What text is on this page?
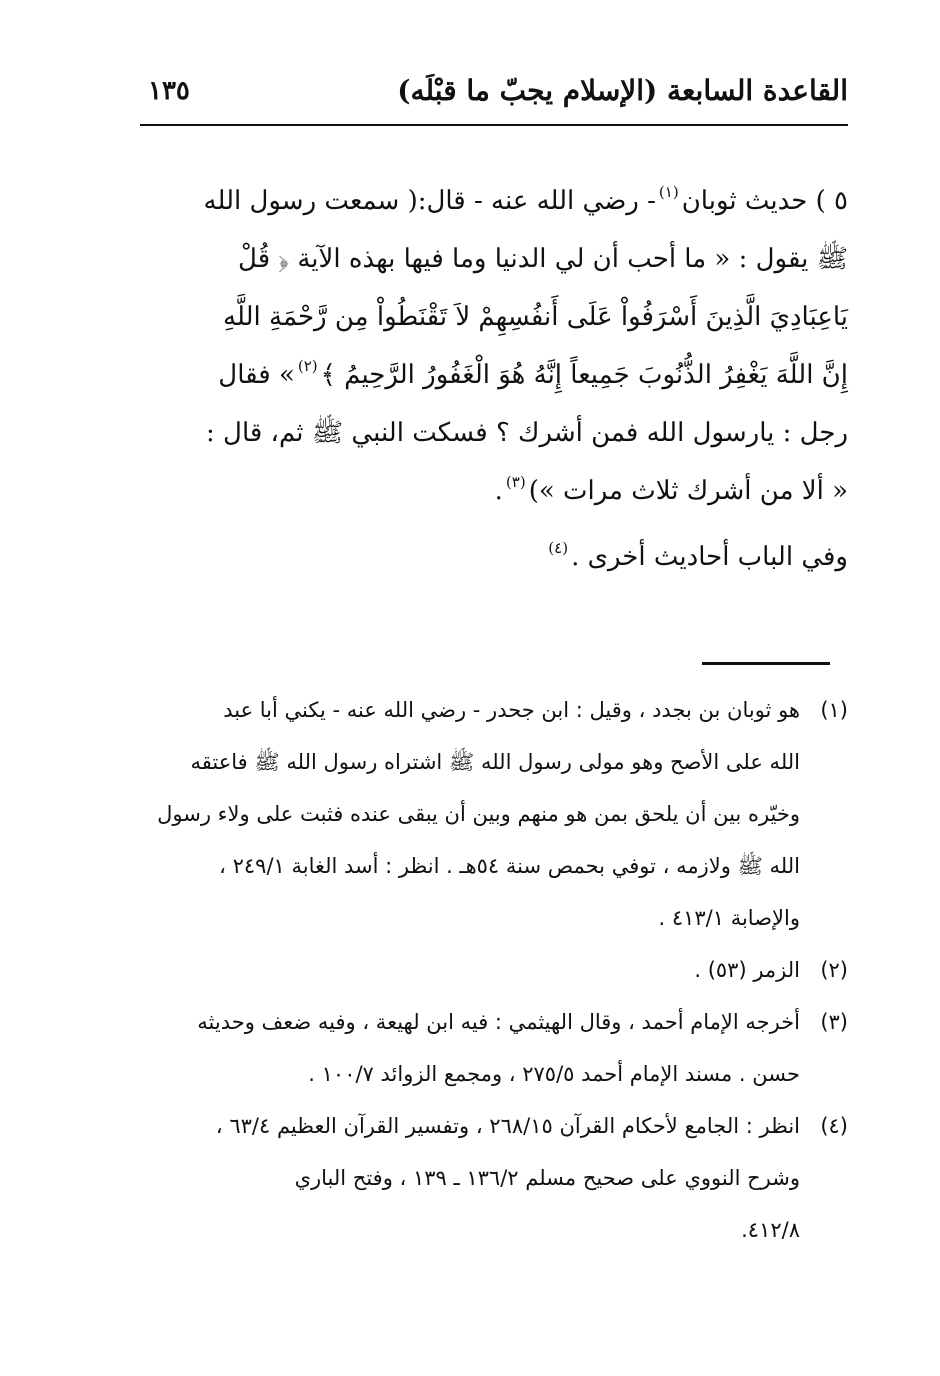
القاعدة السابعة (الإسلام يجبّ ما قبْلَه)
١٣٥
٥ ) حديث ثوبان$^{(١)}$- رضي الله عنه - قال:( سمعت رسول الله
ﷺ يقول : « ما أحب أن لي الدنيا وما فيها بهذه الآية ﴿ قُلْ
يَاعِبَادِيَ الَّذِينَ أَسْرَفُواْ عَلَى أَنفُسِهِمْ لاَ تَقْنَطُواْ مِن رَّحْمَةِ اللَّهِ
إِنَّ اللَّهَ يَغْفِرُ الذُّنُوبَ جَمِيعاً إِنَّهُ هُوَ الْغَفُورُ الرَّحِيمُ ﴾$^{(٢)}$» فقال
رجل : يارسول الله فمن أشرك ؟ فسكت النبي ﷺ ثم، قال :
« ألا من أشرك ثلاث مرات »)$^{(٣)}$.
وفي الباب أحاديث أخرى .$^{(٤)}$
(١)
هو ثوبان بن بجدد ، وقيل : ابن جحدر - رضي الله عنه - يكني أبا عبد
الله على الأصح وهو مولى رسول الله ﷺ اشتراه رسول الله ﷺ فاعتقه
وخيّره بين أن يلحق بمن هو منهم وبين أن يبقى عنده فثبت على ولاء رسول
الله ﷺ ولازمه ، توفي بحمص سنة ٥٤هـ . انظر : أسد الغابة ٢٤٩/١ ،
والإصابة ٤١٣/١ .
(٢)
الزمر (٥٣) .
(٣)
أخرجه الإمام أحمد ، وقال الهيثمي : فيه ابن لهيعة ، وفيه ضعف وحديثه
حسن . مسند الإمام أحمد ٢٧٥/٥ ، ومجمع الزوائد ١٠٠/٧ .
(٤)
انظر : الجامع لأحكام القرآن ٢٦٨/١٥ ، وتفسير القرآن العظيم ٦٣/٤ ،
وشرح النووي على صحيح مسلم ١٣٦/٢ ـ ١٣٩ ، وفتح الباري
٤١٢/٨.
